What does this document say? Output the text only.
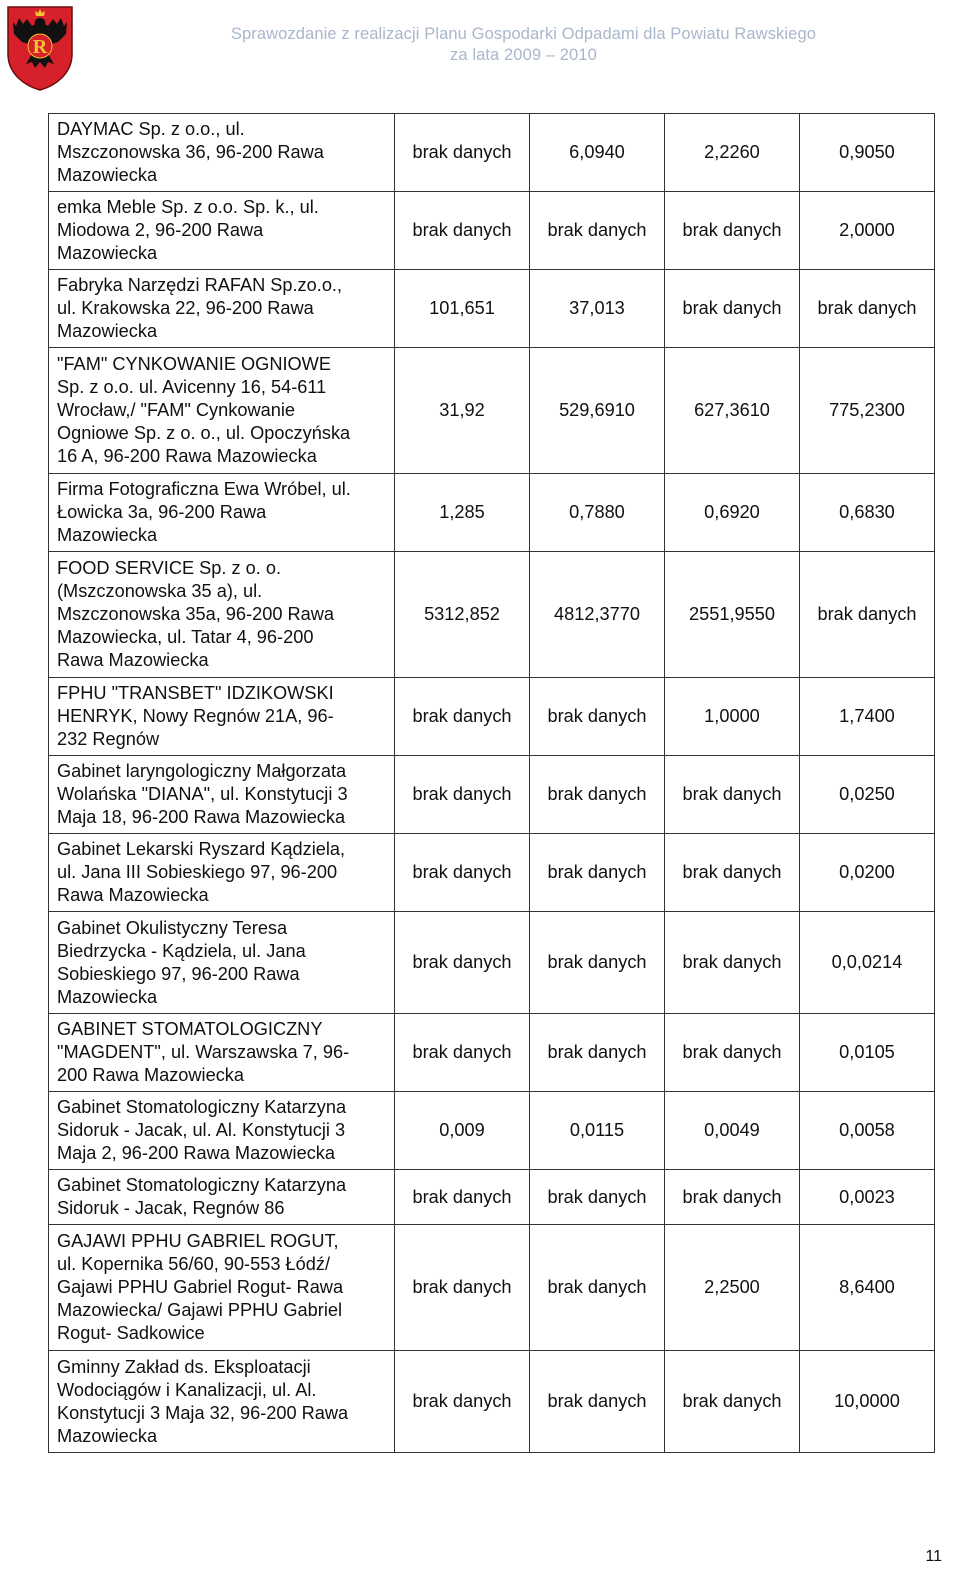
R
Sprawozdanie z realizacji Planu Gospodarki Odpadami dla Powiatu Rawskiego
za lata 2009 – 2010
DAYMAC Sp. z o.o., ul.
Mszczonowska 36, 96-200 Rawa
Mazowiecka	brak danych	6,0940	2,2260	0,9050
emka Meble Sp. z o.o. Sp. k., ul.
Miodowa 2, 96-200 Rawa
Mazowiecka	brak danych	brak danych	brak danych	2,0000
Fabryka Narzędzi RAFAN Sp.zo.o.,
ul. Krakowska 22, 96-200 Rawa
Mazowiecka	101,651	37,013	brak danych	brak danych
"FAM" CYNKOWANIE OGNIOWE
Sp. z o.o. ul. Avicenny 16, 54-611
Wrocław,/ "FAM" Cynkowanie
Ogniowe Sp. z o. o., ul. Opoczyńska
16 A, 96-200 Rawa Mazowiecka	31,92	529,6910	627,3610	775,2300
Firma Fotograficzna Ewa Wróbel, ul.
Łowicka 3a, 96-200 Rawa
Mazowiecka	1,285	0,7880	0,6920	0,6830
FOOD SERVICE Sp. z o. o.
(Mszczonowska 35 a), ul.
Mszczonowska 35a, 96-200 Rawa
Mazowiecka, ul. Tatar 4, 96-200
Rawa Mazowiecka	5312,852	4812,3770	2551,9550	brak danych
FPHU "TRANSBET" IDZIKOWSKI
HENRYK, Nowy Regnów 21A, 96-
232 Regnów	brak danych	brak danych	1,0000	1,7400
Gabinet laryngologiczny Małgorzata
Wolańska "DIANA", ul. Konstytucji 3
Maja 18, 96-200 Rawa Mazowiecka	brak danych	brak danych	brak danych	0,0250
Gabinet Lekarski Ryszard Kądziela,
ul. Jana III Sobieskiego 97, 96-200
Rawa Mazowiecka	brak danych	brak danych	brak danych	0,0200
Gabinet Okulistyczny Teresa
Biedrzycka - Kądziela, ul. Jana
Sobieskiego 97, 96-200 Rawa
Mazowiecka	brak danych	brak danych	brak danych	0,0,0214
GABINET STOMATOLOGICZNY
"MAGDENT", ul. Warszawska 7, 96-
200 Rawa Mazowiecka	brak danych	brak danych	brak danych	0,0105
Gabinet Stomatologiczny Katarzyna
Sidoruk - Jacak, ul. Al. Konstytucji 3
Maja 2, 96-200 Rawa Mazowiecka	0,009	0,0115	0,0049	0,0058
Gabinet Stomatologiczny Katarzyna
Sidoruk - Jacak, Regnów 86	brak danych	brak danych	brak danych	0,0023
GAJAWI PPHU GABRIEL ROGUT,
ul. Kopernika 56/60, 90-553 Łódź/
Gajawi PPHU Gabriel Rogut- Rawa
Mazowiecka/ Gajawi PPHU Gabriel
Rogut- Sadkowice	brak danych	brak danych	2,2500	8,6400
Gminny Zakład ds. Eksploatacji
Wodociągów i Kanalizacji, ul. Al.
Konstytucji 3 Maja 32, 96-200 Rawa
Mazowiecka	brak danych	brak danych	brak danych	10,0000
11
